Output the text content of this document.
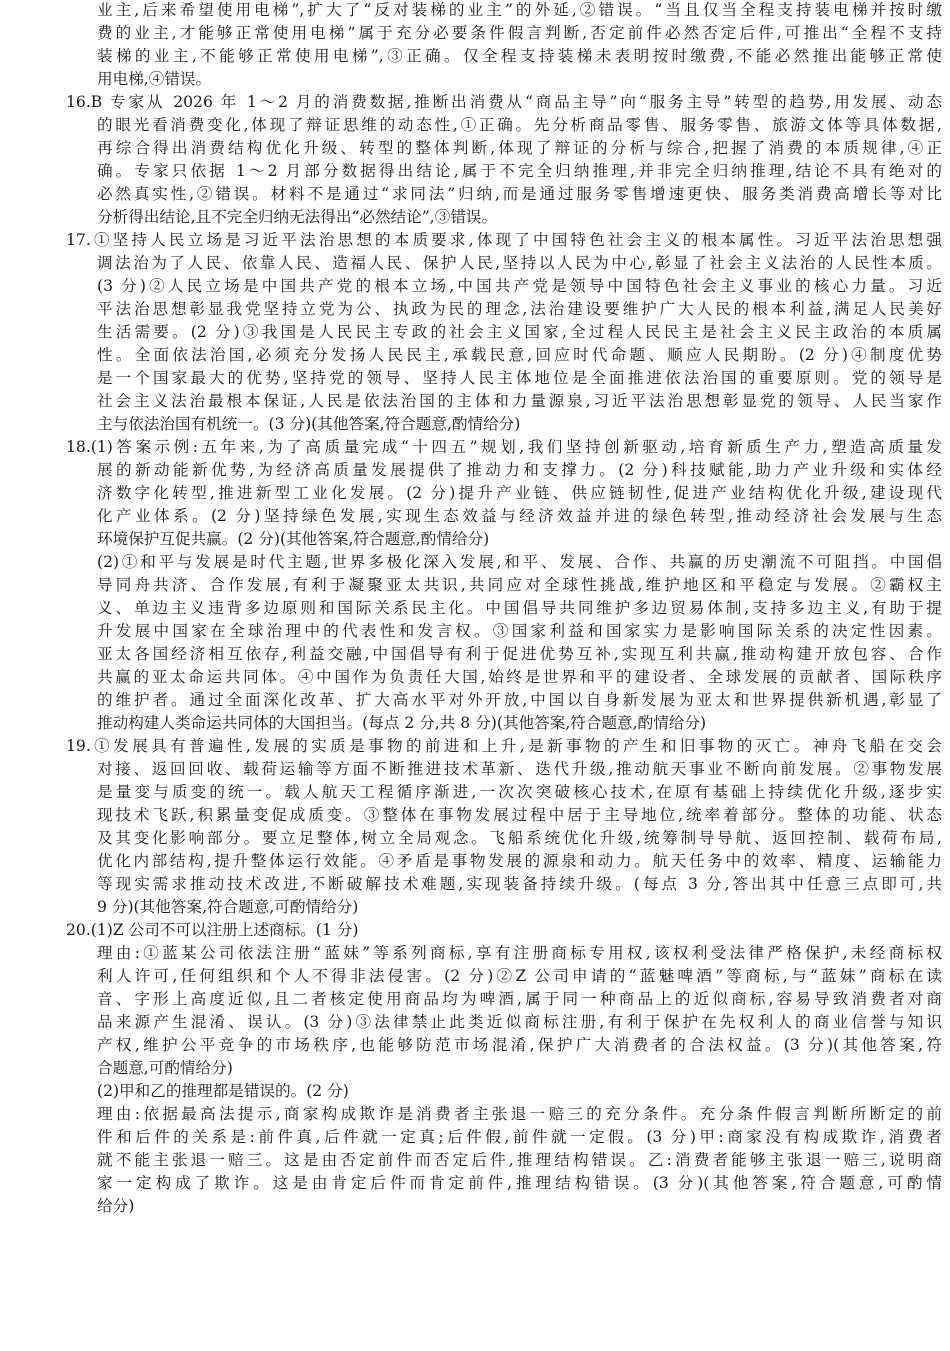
业主,后来希望使用电梯”,扩大了“反对装梯的业主”的外延,②错误。“当且仅当全程支持装电梯并按时缴
费的业主,才能够正常使用电梯”属于充分必要条件假言判断,否定前件必然否定后件,可推出“全程不支持
装梯的业主,不能够正常使用电梯”,③正确。仅全程支持装梯未表明按时缴费,不能必然推出能够正常使
用电梯,④错误。
16.B 专家从 2026 年 1～2 月的消费数据,推断出消费从“商品主导”向“服务主导”转型的趋势,用发展、动态
的眼光看消费变化,体现了辩证思维的动态性,①正确。先分析商品零售、服务零售、旅游文体等具体数据,
再综合得出消费结构优化升级、转型的整体判断,体现了辩证的分析与综合,把握了消费的本质规律,④正
确。专家只依据 1～2 月部分数据得出结论,属于不完全归纳推理,并非完全归纳推理,结论不具有绝对的
必然真实性,②错误。材料不是通过“求同法”归纳,而是通过服务零售增速更快、服务类消费高增长等对比
分析得出结论,且不完全归纳无法得出“必然结论”,③错误。
17.①坚持人民立场是习近平法治思想的本质要求,体现了中国特色社会主义的根本属性。习近平法治思想强
调法治为了人民、依靠人民、造福人民、保护人民,坚持以人民为中心,彰显了社会主义法治的人民性本质。
(3 分)②人民立场是中国共产党的根本立场,中国共产党是领导中国特色社会主义事业的核心力量。习近
平法治思想彰显我党坚持立党为公、执政为民的理念,法治建设要维护广大人民的根本利益,满足人民美好
生活需要。(2 分)③我国是人民民主专政的社会主义国家,全过程人民民主是社会主义民主政治的本质属
性。全面依法治国,必须充分发扬人民民主,承载民意,回应时代命题、顺应人民期盼。(2 分)④制度优势
是一个国家最大的优势,坚持党的领导、坚持人民主体地位是全面推进依法治国的重要原则。党的领导是
社会主义法治最根本保证,人民是依法治国的主体和力量源泉,习近平法治思想彰显党的领导、人民当家作
主与依法治国有机统一。(3 分)(其他答案,符合题意,酌情给分)
18.(1)答案示例:五年来,为了高质量完成“十四五”规划,我们坚持创新驱动,培育新质生产力,塑造高质量发
展的新动能新优势,为经济高质量发展提供了推动力和支撑力。(2 分)科技赋能,助力产业升级和实体经
济数字化转型,推进新型工业化发展。(2 分)提升产业链、供应链韧性,促进产业结构优化升级,建设现代
化产业体系。(2 分)坚持绿色发展,实现生态效益与经济效益并进的绿色转型,推动经济社会发展与生态
环境保护互促共赢。(2 分)(其他答案,符合题意,酌情给分)
(2)①和平与发展是时代主题,世界多极化深入发展,和平、发展、合作、共赢的历史潮流不可阻挡。中国倡
导同舟共济、合作发展,有利于凝聚亚太共识,共同应对全球性挑战,维护地区和平稳定与发展。②霸权主
义、单边主义违背多边原则和国际关系民主化。中国倡导共同维护多边贸易体制,支持多边主义,有助于提
升发展中国家在全球治理中的代表性和发言权。③国家利益和国家实力是影响国际关系的决定性因素。
亚太各国经济相互依存,利益交融,中国倡导有利于促进优势互补,实现互利共赢,推动构建开放包容、合作
共赢的亚太命运共同体。④中国作为负责任大国,始终是世界和平的建设者、全球发展的贡献者、国际秩序
的维护者。通过全面深化改革、扩大高水平对外开放,中国以自身新发展为亚太和世界提供新机遇,彰显了
推动构建人类命运共同体的大国担当。(每点 2 分,共 8 分)(其他答案,符合题意,酌情给分)
19.①发展具有普遍性,发展的实质是事物的前进和上升,是新事物的产生和旧事物的灭亡。神舟飞船在交会
对接、返回回收、载荷运输等方面不断推进技术革新、迭代升级,推动航天事业不断向前发展。②事物发展
是量变与质变的统一。载人航天工程循序渐进,一次次突破核心技术,在原有基础上持续优化升级,逐步实
现技术飞跃,积累量变促成质变。③整体在事物发展过程中居于主导地位,统率着部分。整体的功能、状态
及其变化影响部分。要立足整体,树立全局观念。飞船系统优化升级,统筹制导导航、返回控制、载荷布局,
优化内部结构,提升整体运行效能。④矛盾是事物发展的源泉和动力。航天任务中的效率、精度、运输能力
等现实需求推动技术改进,不断破解技术难题,实现装备持续升级。(每点 3 分,答出其中任意三点即可,共
9 分)(其他答案,符合题意,可酌情给分)
20.(1)Z 公司不可以注册上述商标。(1 分)
理由:①蓝某公司依法注册“蓝妹”等系列商标,享有注册商标专用权,该权利受法律严格保护,未经商标权
利人许可,任何组织和个人不得非法侵害。(2 分)②Z 公司申请的“蓝魅啤酒”等商标,与“蓝妹”商标在读
音、字形上高度近似,且二者核定使用商品均为啤酒,属于同一种商品上的近似商标,容易导致消费者对商
品来源产生混淆、误认。(3 分)③法律禁止此类近似商标注册,有利于保护在先权利人的商业信誉与知识
产权,维护公平竞争的市场秩序,也能够防范市场混淆,保护广大消费者的合法权益。(3 分)(其他答案,符
合题意,可酌情给分)
(2)甲和乙的推理都是错误的。(2 分)
理由:依据最高法提示,商家构成欺诈是消费者主张退一赔三的充分条件。充分条件假言判断所断定的前
件和后件的关系是:前件真,后件就一定真;后件假,前件就一定假。(3 分)甲:商家没有构成欺诈,消费者
就不能主张退一赔三。这是由否定前件而否定后件,推理结构错误。乙:消费者能够主张退一赔三,说明商
家一定构成了欺诈。这是由肯定后件而肯定前件,推理结构错误。(3 分)(其他答案,符合题意,可酌情
给分)
